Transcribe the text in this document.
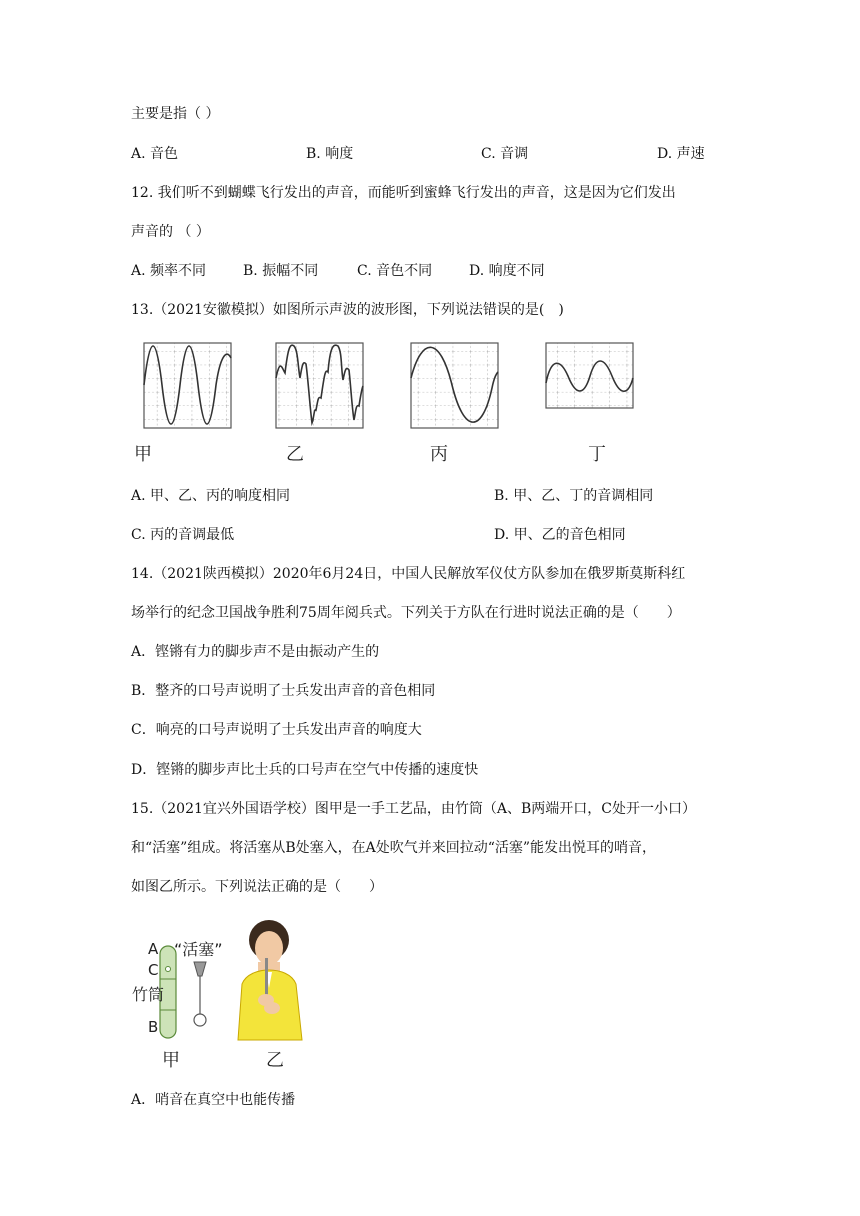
主要是指（ ）
A. 音色	B. 响度	C. 音调	D. 声速
12. 我们听不到蝴蝶飞行发出的声音，而能听到蜜蜂飞行发出的声音，这是因为它们发出
声音的 （ ）
A. 频率不同	B. 振幅不同	C. 音色不同	D. 响度不同
13.（2021安徽模拟）如图所示声波的波形图，下列说法错误的是(　)
甲	乙	丙	丁
A. 甲、乙、丙的响度相同	B. 甲、乙、丁的音调相同
C. 丙的音调最低	D. 甲、乙的音色相同
14.（2021陕西模拟）2020年6月24日，中国人民解放军仪仗方队参加在俄罗斯莫斯科红
场举行的纪念卫国战争胜利75周年阅兵式。下列关于方队在行进时说法正确的是（　　）
A．铿锵有力的脚步声不是由振动产生的
B．整齐的口号声说明了士兵发出声音的音色相同
C．响亮的口号声说明了士兵发出声音的响度大
D．铿锵的脚步声比士兵的口号声在空气中传播的速度快
15.（2021宜兴外国语学校）图甲是一手工艺品，由竹筒（A、B两端开口，C处开一小口）
和“活塞”组成。将活塞从B处塞入，在A处吹气并来回拉动“活塞”能发出悦耳的哨音，
如图乙所示。下列说法正确的是（　　）
A
C
竹筒
B
“活塞”
甲	乙
A．哨音在真空中也能传播
